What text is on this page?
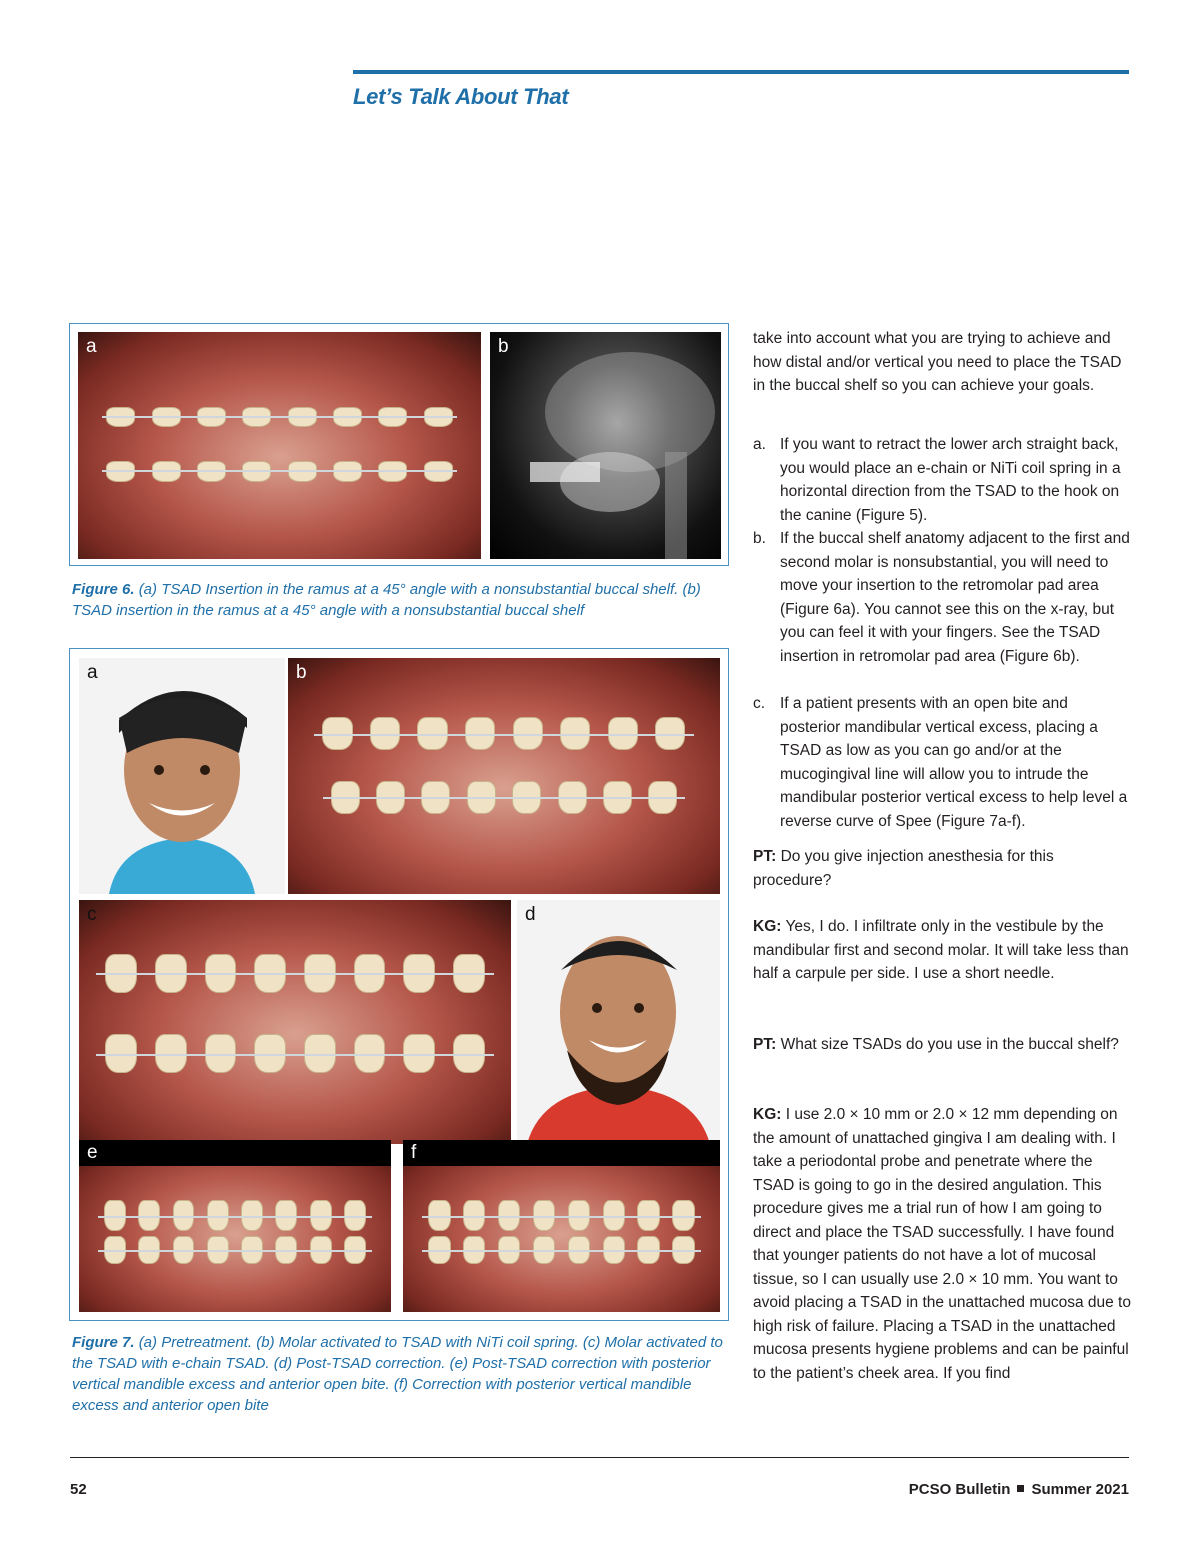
Let’s Talk About That
a	b

Figure 6. (a) TSAD Insertion in the ramus at a 45° angle with a nonsubstantial buccal shelf. (b) TSAD insertion in the ramus at a 45° angle with a nonsubstantial buccal shelf

a	b
c	d
e	f

Figure 7. (a) Pretreatment. (b) Molar activated to TSAD with NiTi coil spring. (c) Molar activated to the TSAD with e-chain TSAD. (d) Post-TSAD correction. (e) Post-TSAD correction with posterior vertical mandible excess and anterior open bite. (f) Correction with posterior vertical mandible excess and anterior open bite

take into account what you are trying to achieve and how distal and/or vertical you need to place the TSAD in the buccal shelf so you can achieve your goals.

a. If you want to retract the lower arch straight back, you would place an e-chain or NiTi coil spring in a horizontal direction from the TSAD to the hook on the canine (Figure 5).
b. If the buccal shelf anatomy adjacent to the first and second molar is nonsubstantial, you will need to move your insertion to the retromolar pad area (Figure 6a). You cannot see this on the x-ray, but you can feel it with your fingers. See the TSAD insertion in retromolar pad area (Figure 6b).
c. If a patient presents with an open bite and posterior mandibular vertical excess, placing a TSAD as low as you can go and/or at the mucogingival line will allow you to intrude the mandibular posterior vertical excess to help level a reverse curve of Spee (Figure 7a-f).

PT: Do you give injection anesthesia for this procedure?

KG: Yes, I do. I infiltrate only in the vestibule by the mandibular first and second molar. It will take less than half a carpule per side. I use a short needle.

PT: What size TSADs do you use in the buccal shelf?

KG: I use 2.0 × 10 mm or 2.0 × 12 mm depending on the amount of unattached gingiva I am dealing with. I take a periodontal probe and penetrate where the TSAD is going to go in the desired angulation. This procedure gives me a trial run of how I am going to direct and place the TSAD successfully. I have found that younger patients do not have a lot of mucosal tissue, so I can usually use 2.0 × 10 mm. You want to avoid placing a TSAD in the unattached mucosa due to high risk of failure. Placing a TSAD in the unattached mucosa presents hygiene problems and can be painful to the patient’s cheek area. If you find

52	PCSO Bulletin Summer 2021
